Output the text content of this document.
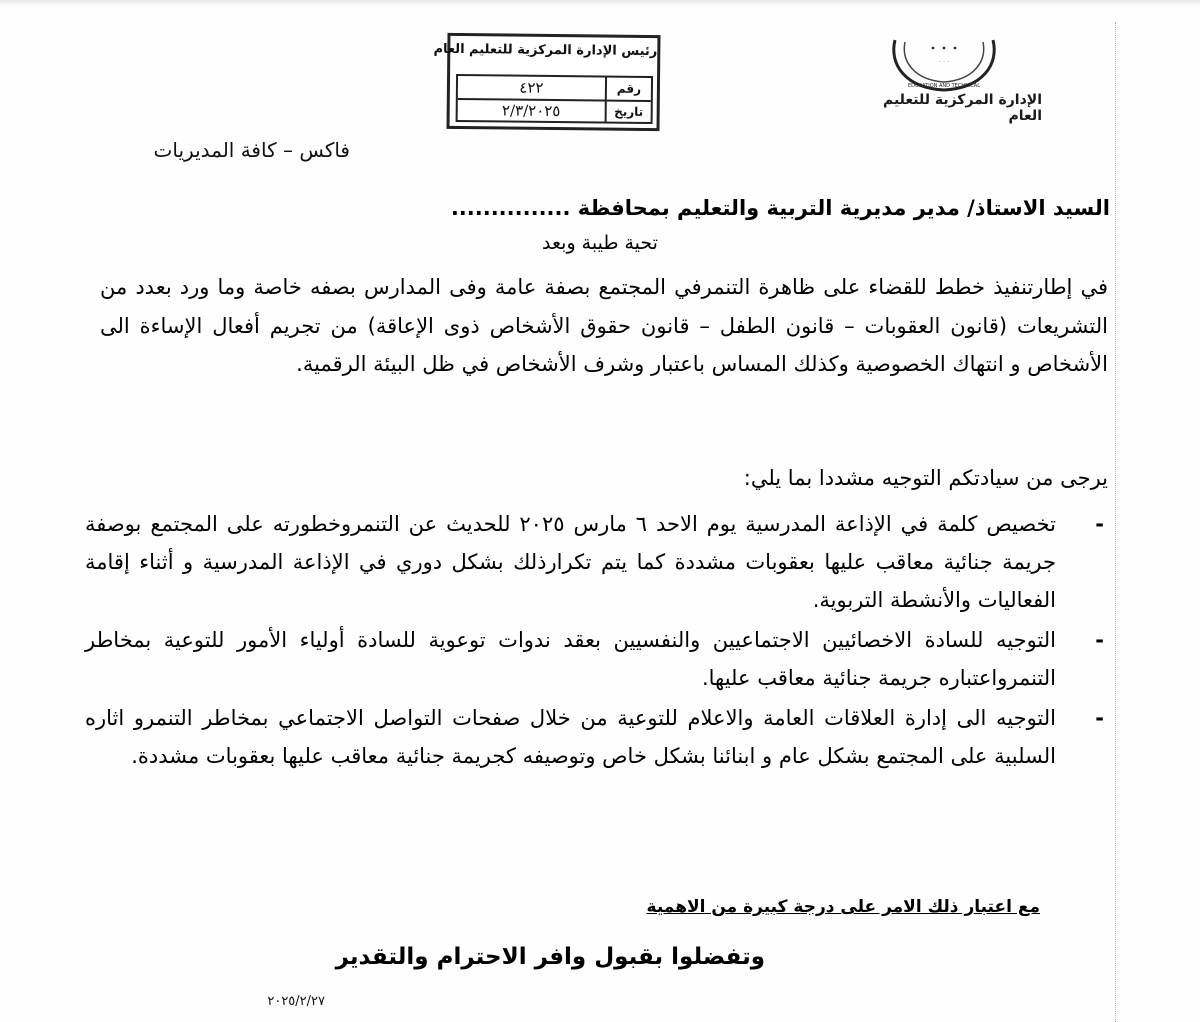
EDUCATION AND TECHNICAL
· · ·
الإدارة المركزية للتعليم العام
رئيس الإدارة المركزية للتعليم العام
رقم
٤٢٢
تاريخ
٢/٣/٢٠٢٥
فاكس – كافة المديريات
السيد الاستاذ/ مدير مديرية التربية والتعليم بمحافظة ...............
تحية طيبة وبعد

في إطارتنفيذ خطط للقضاء على ظاهرة التنمرفي المجتمع بصفة عامة وفى المدارس بصفه خاصة وما ورد بعدد من التشريعات (قانون العقوبات – قانون الطفل – قانون حقوق الأشخاص ذوى الإعاقة) من تجريم أفعال الإساءة الى الأشخاص و انتهاك الخصوصية وكذلك المساس باعتبار وشرف الأشخاص في ظل البيئة الرقمية.

يرجى من سيادتكم التوجيه مشددا بما يلي:
-
تخصيص كلمة في الإذاعة المدرسية يوم الاحد ٦ مارس ٢٠٢٥ للحديث عن التنمروخطورته على المجتمع بوصفة جريمة جنائية معاقب عليها بعقوبات مشددة كما يتم تكرارذلك بشكل دوري في الإذاعة المدرسية و أثناء إقامة الفعاليات والأنشطة التربوية.
-
التوجيه للسادة الاخصائيين الاجتماعيين والنفسيين بعقد ندوات توعوية للسادة أولياء الأمور للتوعية بمخاطر التنمرواعتباره جريمة جنائية معاقب عليها.
-
التوجيه الى إدارة العلاقات العامة والاعلام للتوعية من خلال صفحات التواصل الاجتماعي بمخاطر التنمرو اثاره السلبية على المجتمع بشكل عام و ابنائنا بشكل خاص وتوصيفه كجريمة جنائية معاقب عليها بعقوبات مشددة.
مع اعتبار ذلك الامر على درجة كبيرة من الاهمية
وتفضلوا بقبول وافر الاحترام والتقدير
٢٠٢٥/٢/٢٧
